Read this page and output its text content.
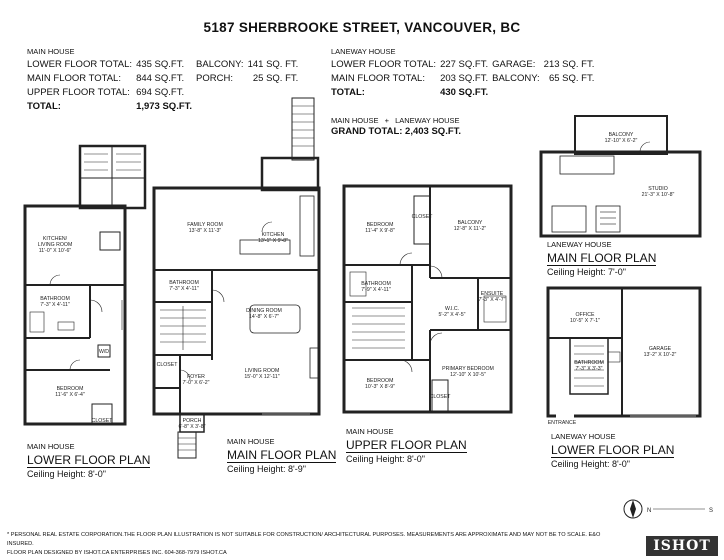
5187 SHERBROOKE STREET, VANCOUVER, BC
MAIN HOUSE
LOWER FLOOR TOTAL:	435 SQ.FT.	BALCONY:	141 SQ. FT.
MAIN FLOOR TOTAL:	844 SQ.FT.	PORCH:	25 SQ. FT.
UPPER FLOOR TOTAL:	694 SQ.FT.		
TOTAL:	1,973 SQ.FT.		
LANEWAY HOUSE
LOWER FLOOR TOTAL:	227 SQ.FT.	GARAGE:	213 SQ. FT.
MAIN FLOOR TOTAL:	203 SQ.FT.	BALCONY:	65 SQ. FT.
TOTAL:	430 SQ.FT.		
MAIN HOUSE + LANEWAY HOUSE
GRAND TOTAL: 2,403 SQ.FT.
KITCHEN/
LIVING ROOM
11'-0" X 10'-6"
BATHROOM
7'-3" X 4'-11"
BEDROOM
11'-6" X 6'-4"
CLOSET
W/D
FAMILY ROOM
13'-8" X 11'-3"
KITCHEN
13'-1" X 9'-8"
BATHROOM
7'-3" X 4'-11"
DINING ROOM
14'-8" X 6'-7"
LIVING ROOM
15'-0" X 12'-11"
FOYER
7'-0" X 6'-2"
CLOSET
PORCH
6'-8" X 3'-8"
BEDROOM
11'-4" X 9'-8"
CLOSET
BALCONY
12'-8" X 11'-2"
BATHROOM
7'-9" X 4'-11"
W.I.C.
5'-2" X 4'-5"
ENSUITE
7'-3" X 4'-7"
BEDROOM
10'-3" X 8'-9"
PRIMARY BEDROOM
12'-10" X 10'-5"
CLOSET
BALCONY
12'-10" X 6'-2"
STUDIO
21'-3" X 10'-8"
OFFICE
10'-5" X 7'-1"
BATHROOM
7'-3" X 3'-3"
GARAGE
13'-2" X 10'-2"
ENTRANCE
N	S
MAIN HOUSE
LOWER FLOOR PLAN
Ceiling Height: 8'-0"
MAIN HOUSE
MAIN FLOOR PLAN
Ceiling Height: 8'-9"
MAIN HOUSE
UPPER FLOOR PLAN
Ceiling Height: 8'-0"
LANEWAY HOUSE
MAIN FLOOR PLAN
Ceiling Height: 7'-0"
LANEWAY HOUSE
LOWER FLOOR PLAN
Ceiling Height: 8'-0"
* PERSONAL REAL ESTATE CORPORATION.THE FLOOR PLAN ILLUSTRATION IS NOT SUITABLE FOR CONSTRUCTION/ ARCHITECTURAL PURPOSES. MEASUREMENTS ARE APPROXIMATE AND MAY NOT BE TO SCALE. E&O INSURED.
FLOOR PLAN DESIGNED BY ISHOT.CA ENTERPRISES INC. 604-368-7979 ISHOT.CA	ISHOT
